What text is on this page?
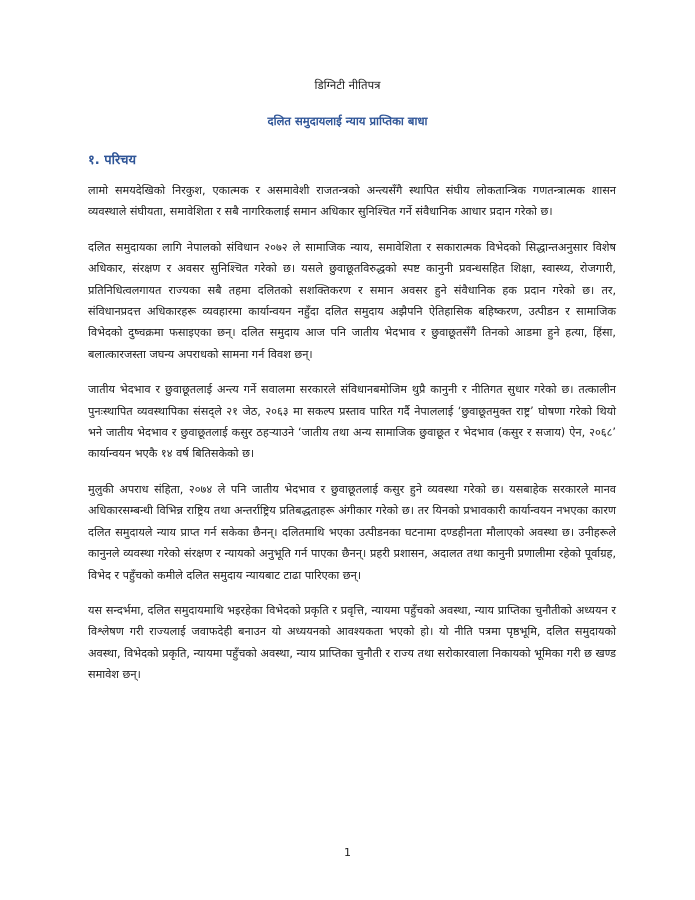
डिग्निटी नीतिपत्र
दलित समुदायलाई न्याय प्राप्तिका बाधा
१. परिचय

लामो समयदेखिको निरकुश, एकात्मक र असमावेशी राजतन्त्रको अन्त्यसँगै स्थापित संघीय लोकतान्त्रिक गणतन्त्रात्मक शासन व्यवस्थाले संघीयता, समावेशिता र सबै नागरिकलाई समान अधिकार सुनिश्चित गर्ने संवैधानिक आधार प्रदान गरेको छ।

दलित समुदायका लागि नेपालको संविधान २०७२ ले सामाजिक न्याय, समावेशिता र सकारात्मक विभेदको सिद्धान्तअनुसार विशेष अधिकार, संरक्षण र अवसर सुनिश्चित गरेको छ। यसले छुवाछूतविरुद्धको स्पष्ट कानुनी प्रवन्धसहित शिक्षा, स्वास्थ्य, रोजगारी, प्रतिनिधित्वलगायत राज्यका सबै तहमा दलितको सशक्तिकरण र समान अवसर हुने संवैधानिक हक प्रदान गरेको छ। तर, संविधानप्रदत्त अधिकारहरू व्यवहारमा कार्यान्वयन नहुँदा दलित समुदाय अझैपनि ऐतिहासिक बहिष्करण, उत्पीडन र सामाजिक विभेदको दुष्चक्रमा फसाइएका छन्। दलित समुदाय आज पनि जातीय भेदभाव र छुवाछूतसँगै तिनको आडमा हुने हत्या, हिंसा, बलात्कारजस्ता जघन्य अपराधको सामना गर्न विवश छन्।

जातीय भेदभाव र छुवाछूतलाई अन्त्य गर्ने सवालमा सरकारले संविधानबमोजिम थुप्रै कानुनी र नीतिगत सुधार गरेको छ। तत्कालीन पुनःस्थापित व्यवस्थापिका संसद्ले २१ जेठ, २०६३ मा सकल्प प्रस्ताव पारित गर्दै नेपाललाई ‘छुवाछूतमुक्त राष्ट्र’ घोषणा गरेको थियो भने जातीय भेदभाव र छुवाछूतलाई कसुर ठहऱ्याउने ‘जातीय तथा अन्य सामाजिक छुवाछूत र भेदभाव (कसुर र सजाय) ऐन, २०६८’ कार्यान्वयन भएकै १४ वर्ष बितिसकेको छ।

मुलुकी अपराध संहिता, २०७४ ले पनि जातीय भेदभाव र छुवाछूतलाई कसुर हुने व्यवस्था गरेको छ। यसबाहेक सरकारले मानव अधिकारसम्बन्धी विभिन्न राष्ट्रिय तथा अन्तर्राष्ट्रिय प्रतिबद्धताहरू अंगीकार गरेको छ। तर यिनको प्रभावकारी कार्यान्वयन नभएका कारण दलित समुदायले न्याय प्राप्त गर्न सकेका छैनन्। दलितमाथि भएका उत्पीडनका घटनामा दण्डहीनता मौलाएको अवस्था छ। उनीहरूले कानुनले व्यवस्था गरेको संरक्षण र न्यायको अनुभूति गर्न पाएका छैनन्। प्रहरी प्रशासन, अदालत तथा कानुनी प्रणालीमा रहेको पूर्वाग्रह, विभेद र पहुँचको कमीले दलित समुदाय न्यायबाट टाढा पारिएका छन्।

यस सन्दर्भमा, दलित समुदायमाथि भइरहेका विभेदको प्रकृति र प्रवृत्ति, न्यायमा पहुँचको अवस्था, न्याय प्राप्तिका चुनौतीको अध्ययन र विश्लेषण गरी राज्यलाई जवाफदेही बनाउन यो अध्ययनको आवश्यकता भएको हो। यो नीति पत्रमा पृष्ठभूमि, दलित समुदायको अवस्था, विभेदको प्रकृति, न्यायमा पहुँचको अवस्था, न्याय प्राप्तिका चुनौती र राज्य तथा सरोकारवाला निकायको भूमिका गरी छ खण्ड समावेश छन्।

1
